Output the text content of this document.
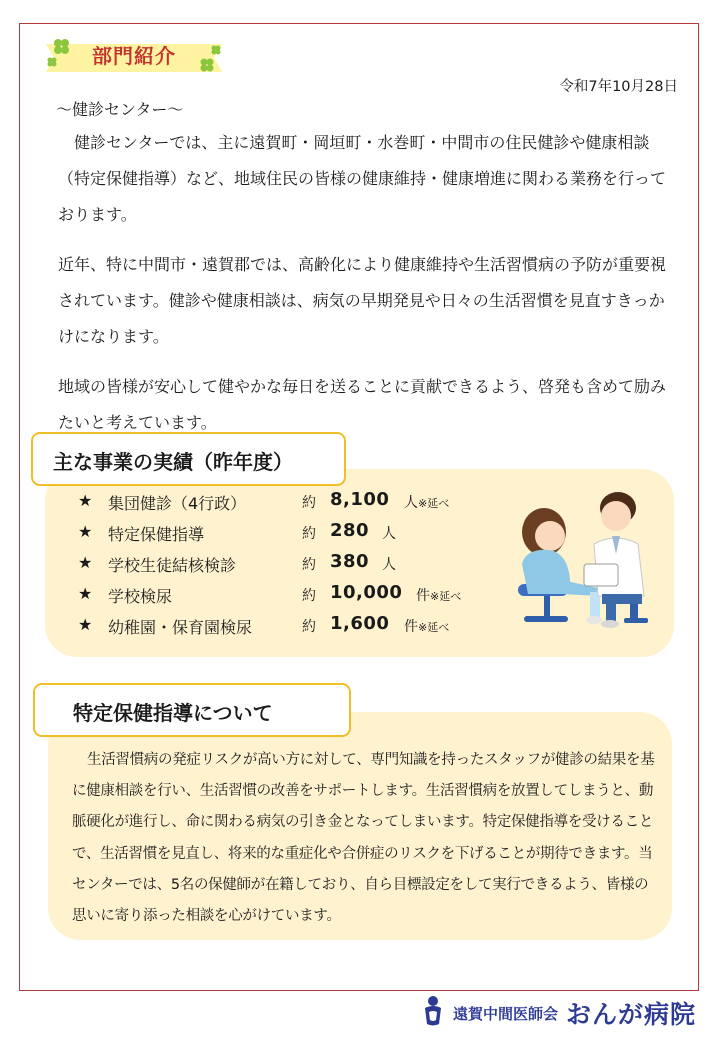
部門紹介
令和7年10月28日

～健診センター～

健診センターでは、主に遠賀町・岡垣町・水巻町・中間市の住民健診や健康相談（特定保健指導）など、地域住民の皆様の健康維持・健康増進に関わる業務を行っております。

近年、特に中間市・遠賀郡では、高齢化により健康維持や生活習慣病の予防が重要視されています。健診や健康相談は、病気の早期発見や日々の生活習慣を見直すきっかけになります。

地域の皆様が安心して健やかな毎日を送ることに貢献できるよう、啓発も含めて励みたいと考えています。

主な事業の実績（昨年度）
★ 集団健診（4行政）	約 8,100 人※延べ
★ 特定保健指導	約 280 人
★ 学校生徒結核検診	約 380 人
★ 学校検尿	約 10,000 件※延べ
★ 幼稚園・保育園検尿	約 1,600 件※延べ
特定保健指導について
生活習慣病の発症リスクが高い方に対して、専門知識を持ったスタッフが健診の結果を基に健康相談を行い、生活習慣の改善をサポートします。生活習慣病を放置してしまうと、動脈硬化が進行し、命に関わる病気の引き金となってしまいます。特定保健指導を受けることで、生活習慣を見直し、将来的な重症化や合併症のリスクを下げることが期待できます。当センターでは、5名の保健師が在籍しており、自ら目標設定をして実行できるよう、皆様の思いに寄り添った相談を心がけています。
遠賀中間医師会 おんが病院
